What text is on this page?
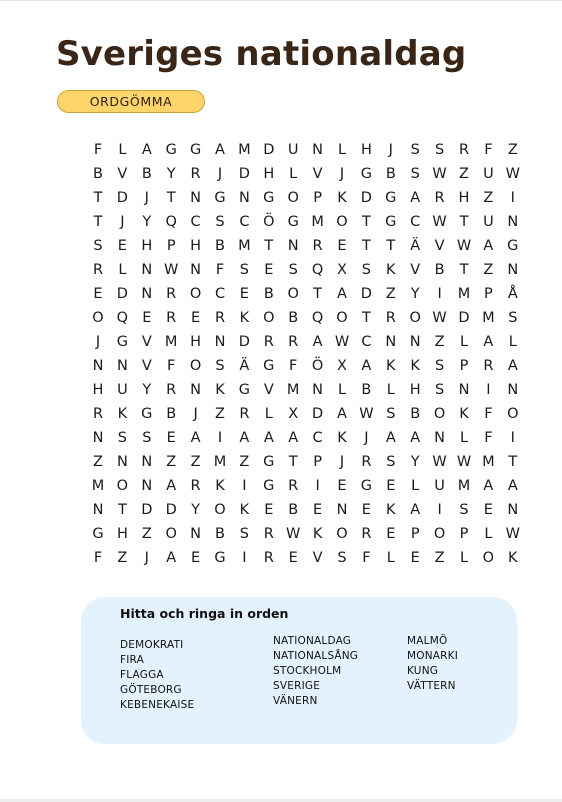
Sveriges nationaldag
ORDGÖMMA
F	L	A G G A M D U N	L	H	J	S	S	R	F	Z
B V B	Y	R	J	D H	L	V	J	G B	S W Z U W
T D	J	T	N G N G O P	K D G A R H Z	I
T	J	Y Q C	S	C Ö G M O T G C W T	U N
S	E H	P	H B M T	N R	E	T	T	Ä V W A G
R	L	N W N	F	S	E	S Q X	S	K	V B	T	Z N
E D N R O C	E	B O T	A D Z	Y	I	M P	Å
O Q E	R	E	R	K O B Q O T	R O W D M S
J	G V M H N D R R A W C N N Z	L	A	L
N N V	F	O S	Ä G	F	Ö X A	K	K	S	P	R A
H U	Y	R N K G V M N	L	B	L	H S N	I	N
R	K G B	J	Z R	L	X D A W S	B O K	F	O
N S	S	E	A	I	A A A C	K	J	A A N	L	F	I
Z N N Z Z M Z G T	P	J	R	S	Y W W M T
M O N A R	K	I	G R	I	E G E	L	U M A A
N	T D D Y O K	E	B	E N E	K	A	I	S	E N
G H Z O N B	S	R W K O R	E	P O P	L W
F	Z	J	A	E G	I	R	E	V	S	F	L	E	Z	L	O K
Hitta och ringa in orden
DEMOKRATI
FIRA
FLAGGA
GÖTEBORG
KEBENEKAISE
NATIONALDAG
NATIONALSÅNG
STOCKHOLM
SVERIGE
VÄNERN
MALMÖ
MONARKI
KUNG
VÄTTERN
